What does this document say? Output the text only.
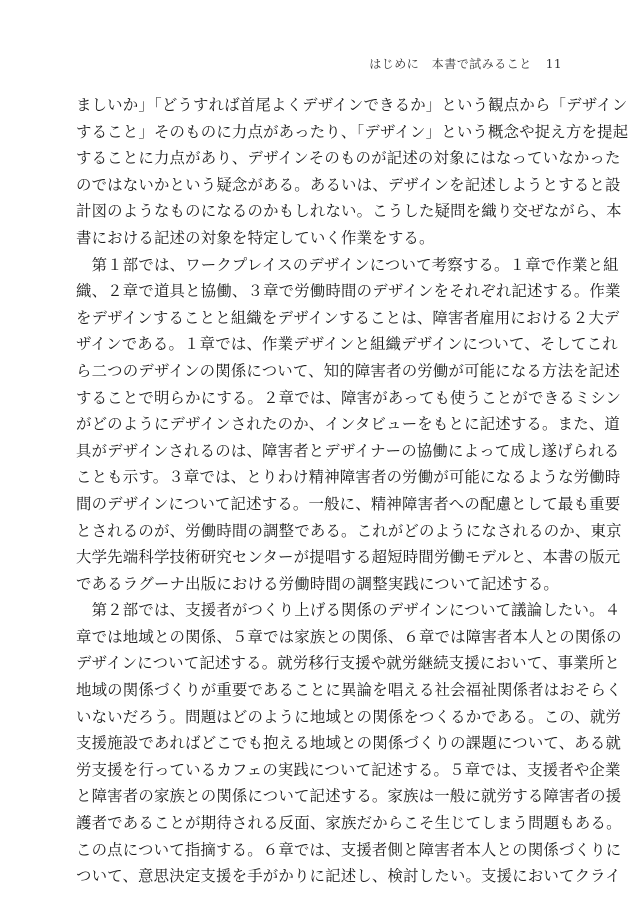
はじめに　本書で試みること 11
ましいか」「どうすれば首尾よくデザインできるか」という観点から「デザイン
すること」そのものに力点があったり、「デザイン」という概念や捉え方を提起
することに力点があり、デザインそのものが記述の対象にはなっていなかった
のではないかという疑念がある。あるいは、デザインを記述しようとすると設
計図のようなものになるのかもしれない。こうした疑問を織り交ぜながら、本
書における記述の対象を特定していく作業をする。
　第１部では、ワークプレイスのデザインについて考察する。１章で作業と組
織、２章で道具と協働、３章で労働時間のデザインをそれぞれ記述する。作業
をデザインすることと組織をデザインすることは、障害者雇用における２大デ
ザインである。１章では、作業デザインと組織デザインについて、そしてこれ
ら二つのデザインの関係について、知的障害者の労働が可能になる方法を記述
することで明らかにする。２章では、障害があっても使うことができるミシン
がどのようにデザインされたのか、インタビューをもとに記述する。また、道
具がデザインされるのは、障害者とデザイナーの協働によって成し遂げられる
ことも示す。３章では、とりわけ精神障害者の労働が可能になるような労働時
間のデザインについて記述する。一般に、精神障害者への配慮として最も重要
とされるのが、労働時間の調整である。これがどのようになされるのか、東京
大学先端科学技術研究センターが提唱する超短時間労働モデルと、本書の版元
であるラグーナ出版における労働時間の調整実践について記述する。
　第２部では、支援者がつくり上げる関係のデザインについて議論したい。４
章では地域との関係、５章では家族との関係、６章では障害者本人との関係の
デザインについて記述する。就労移行支援や就労継続支援において、事業所と
地域の関係づくりが重要であることに異論を唱える社会福祉関係者はおそらく
いないだろう。問題はどのように地域との関係をつくるかである。この、就労
支援施設であればどこでも抱える地域との関係づくりの課題について、ある就
労支援を行っているカフェの実践について記述する。５章では、支援者や企業
と障害者の家族との関係について記述する。家族は一般に就労する障害者の援
護者であることが期待される反面、家族だからこそ生じてしまう問題もある。
この点について指摘する。６章では、支援者側と障害者本人との関係づくりに
ついて、意思決定支援を手がかりに記述し、検討したい。支援においてクライ
